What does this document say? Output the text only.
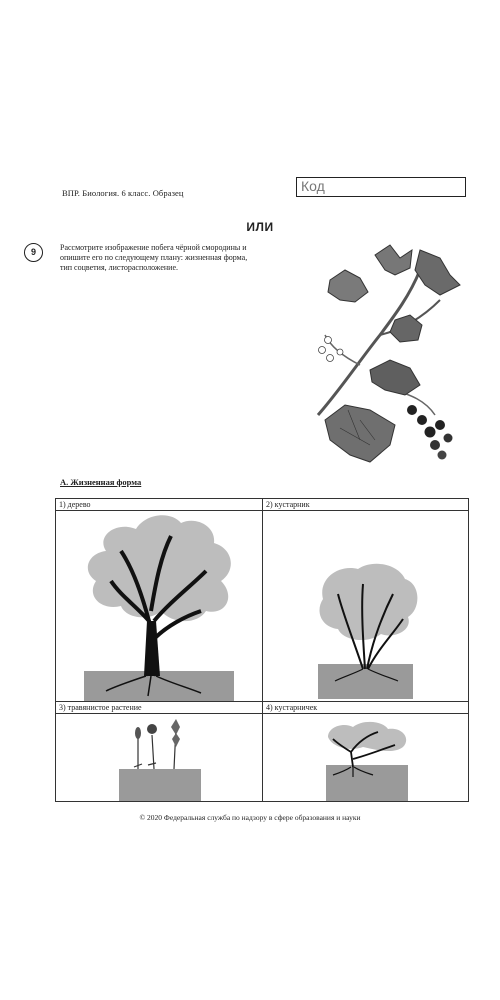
ВПР. Биология. 6 класс. Образец	Код
ИЛИ
9	Рассмотрите изображение побега чёрной смородины и
опишите его по следующему плану: жизненная форма,
тип соцветия, листорасположение.
А. Жизненная форма
1) дерево	2) кустарник
3) травянистое растение	4) кустарничек
© 2020 Федеральная служба по надзору в сфере образования и науки
